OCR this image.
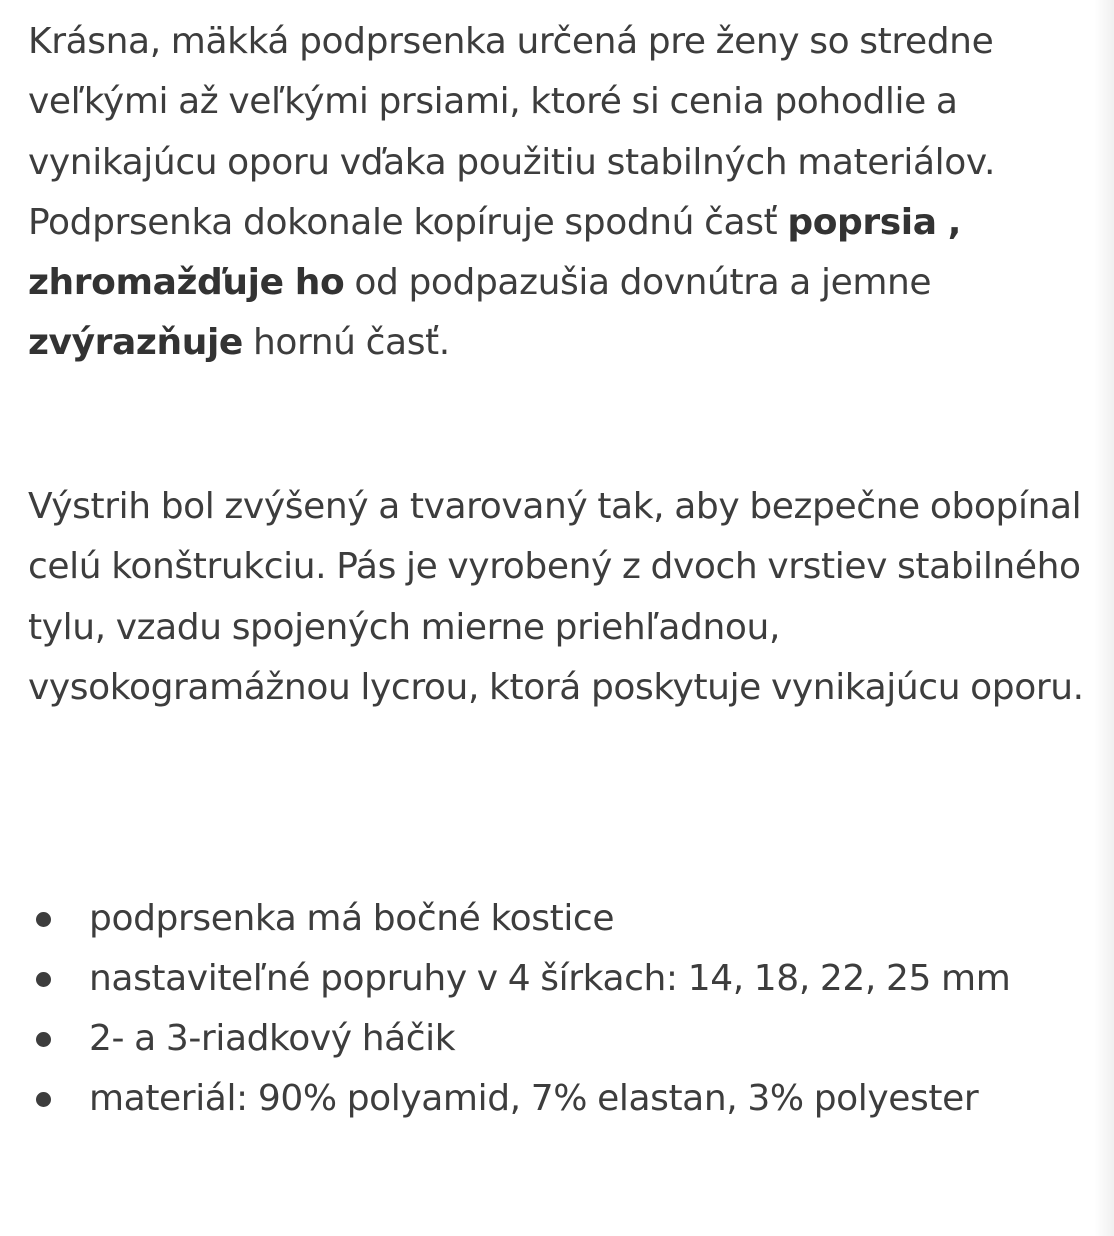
Krásna, mäkká podprsenka určená pre ženy so stredne veľkými až veľkými prsiami, ktoré si cenia pohodlie a vynikajúcu oporu vďaka použitiu stabilných materiálov. Podprsenka dokonale kopíruje spodnú časť poprsia , zhromažďuje ho od podpazušia dovnútra a jemne zvýrazňuje hornú časť.

Výstrih bol zvýšený a tvarovaný tak, aby bezpečne obopínal celú konštrukciu. Pás je vyrobený z dvoch vrstiev stabilného tylu, vzadu spojených mierne priehľadnou, vysokogramážnou lycrou, ktorá poskytuje vynikajúcu oporu.

podprsenka má bočné kostice
nastaviteľné popruhy v 4 šírkach: 14, 18, 22, 25 mm
2- a 3-riadkový háčik
materiál: 90% polyamid, 7% elastan, 3% polyester
